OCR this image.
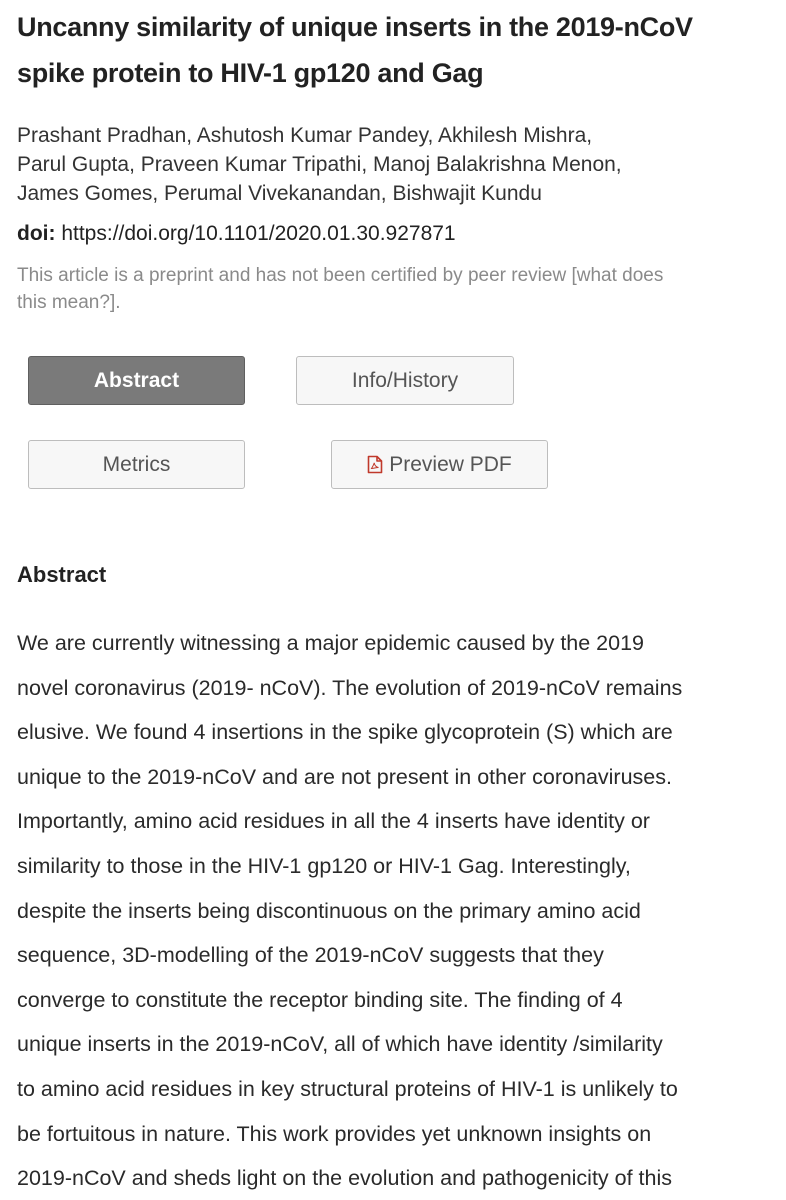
Uncanny similarity of unique inserts in the 2019-nCoV
spike protein to HIV-1 gp120 and Gag
Prashant Pradhan, Ashutosh Kumar Pandey, Akhilesh Mishra,
Parul Gupta, Praveen Kumar Tripathi, Manoj Balakrishna Menon,
James Gomes, Perumal Vivekanandan, Bishwajit Kundu
doi: https://doi.org/10.1101/2020.01.30.927871
This article is a preprint and has not been certified by peer review [what does
this mean?].
Abstract	Info/History
Metrics	Preview PDF
Abstract
We are currently witnessing a major epidemic caused by the 2019
novel coronavirus (2019- nCoV). The evolution of 2019-nCoV remains
elusive. We found 4 insertions in the spike glycoprotein (S) which are
unique to the 2019-nCoV and are not present in other coronaviruses.
Importantly, amino acid residues in all the 4 inserts have identity or
similarity to those in the HIV-1 gp120 or HIV-1 Gag. Interestingly,
despite the inserts being discontinuous on the primary amino acid
sequence, 3D-modelling of the 2019-nCoV suggests that they
converge to constitute the receptor binding site. The finding of 4
unique inserts in the 2019-nCoV, all of which have identity /similarity
to amino acid residues in key structural proteins of HIV-1 is unlikely to
be fortuitous in nature. This work provides yet unknown insights on
2019-nCoV and sheds light on the evolution and pathogenicity of this
